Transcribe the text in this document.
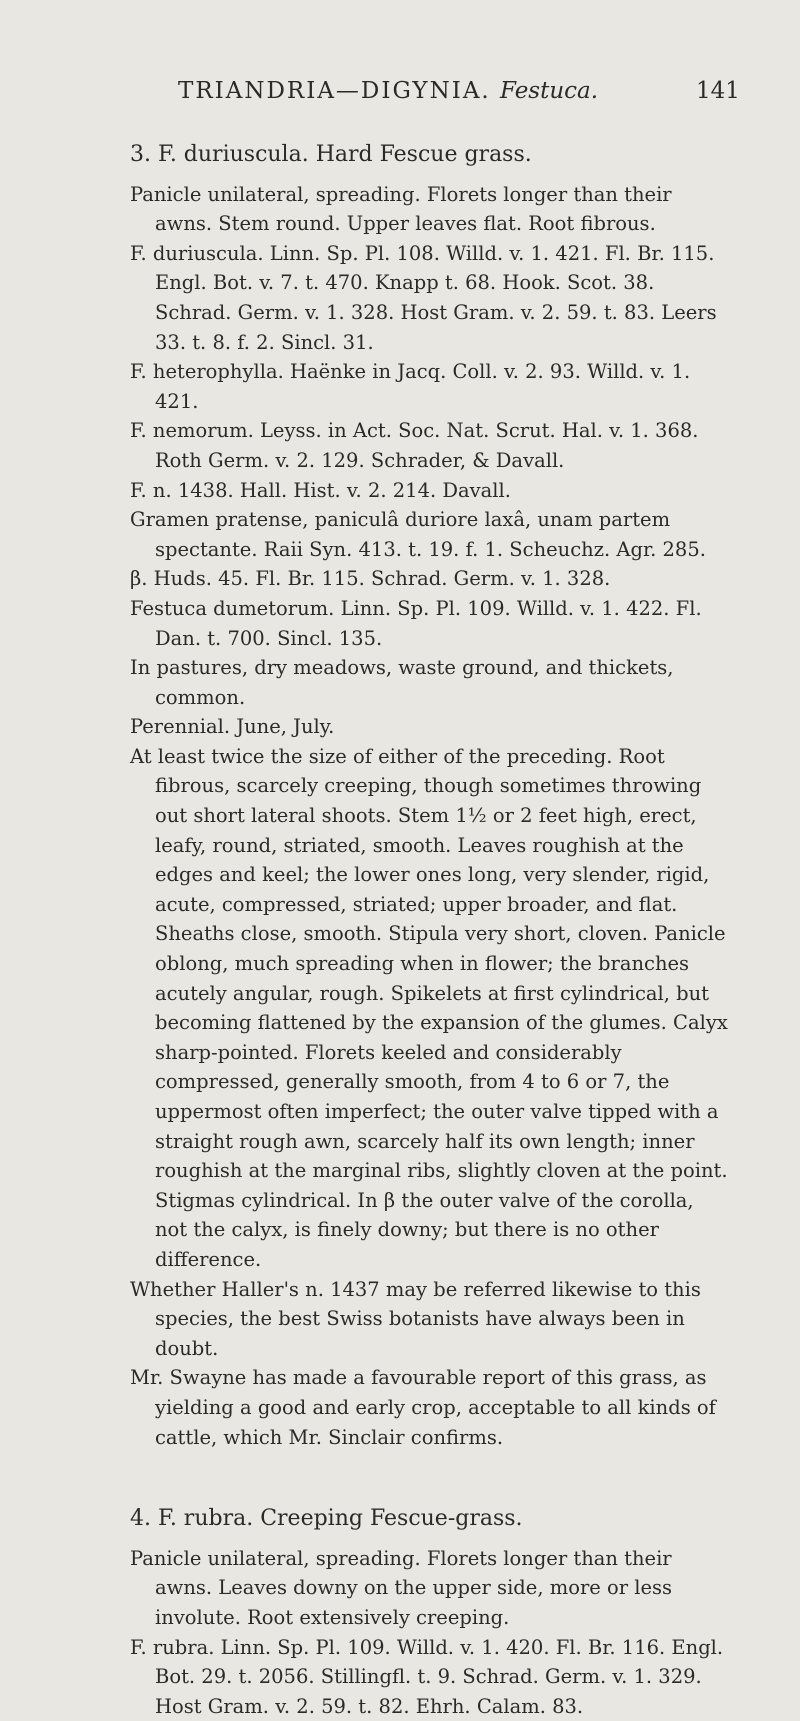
TRIANDRIA—DIGYNIA. Festuca.	141

3. F. duriuscula. Hard Fescue grass.

Panicle unilateral, spreading. Florets longer than their awns. Stem round. Upper leaves flat. Root fibrous.

F. duriuscula. Linn. Sp. Pl. 108. Willd. v. 1. 421. Fl. Br. 115. Engl. Bot. v. 7. t. 470. Knapp t. 68. Hook. Scot. 38. Schrad. Germ. v. 1. 328. Host Gram. v. 2. 59. t. 83. Leers 33. t. 8. f. 2. Sincl. 31.

F. heterophylla. Haënke in Jacq. Coll. v. 2. 93. Willd. v. 1. 421.

F. nemorum. Leyss. in Act. Soc. Nat. Scrut. Hal. v. 1. 368. Roth Germ. v. 2. 129. Schrader, & Davall.

F. n. 1438. Hall. Hist. v. 2. 214. Davall.

Gramen pratense, paniculâ duriore laxâ, unam partem spectante. Raii Syn. 413. t. 19. f. 1. Scheuchz. Agr. 285.

β. Huds. 45. Fl. Br. 115. Schrad. Germ. v. 1. 328.

Festuca dumetorum. Linn. Sp. Pl. 109. Willd. v. 1. 422. Fl. Dan. t. 700. Sincl. 135.

In pastures, dry meadows, waste ground, and thickets, common.

Perennial. June, July.

At least twice the size of either of the preceding. Root fibrous, scarcely creeping, though sometimes throwing out short lateral shoots. Stem 1½ or 2 feet high, erect, leafy, round, striated, smooth. Leaves roughish at the edges and keel; the lower ones long, very slender, rigid, acute, compressed, striated; upper broader, and flat. Sheaths close, smooth. Stipula very short, cloven. Panicle oblong, much spreading when in flower; the branches acutely angular, rough. Spikelets at first cylindrical, but becoming flattened by the expansion of the glumes. Calyx sharp-pointed. Florets keeled and considerably compressed, generally smooth, from 4 to 6 or 7, the uppermost often imperfect; the outer valve tipped with a straight rough awn, scarcely half its own length; inner roughish at the marginal ribs, slightly cloven at the point. Stigmas cylindrical. In β the outer valve of the corolla, not the calyx, is finely downy; but there is no other difference.

Whether Haller's n. 1437 may be referred likewise to this species, the best Swiss botanists have always been in doubt.

Mr. Swayne has made a favourable report of this grass, as yielding a good and early crop, acceptable to all kinds of cattle, which Mr. Sinclair confirms.

4. F. rubra. Creeping Fescue-grass.

Panicle unilateral, spreading. Florets longer than their awns. Leaves downy on the upper side, more or less involute. Root extensively creeping.

F. rubra. Linn. Sp. Pl. 109. Willd. v. 1. 420. Fl. Br. 116. Engl. Bot. 29. t. 2056. Stillingfl. t. 9. Schrad. Germ. v. 1. 329. Host Gram. v. 2. 59. t. 82. Ehrh. Calam. 83.
